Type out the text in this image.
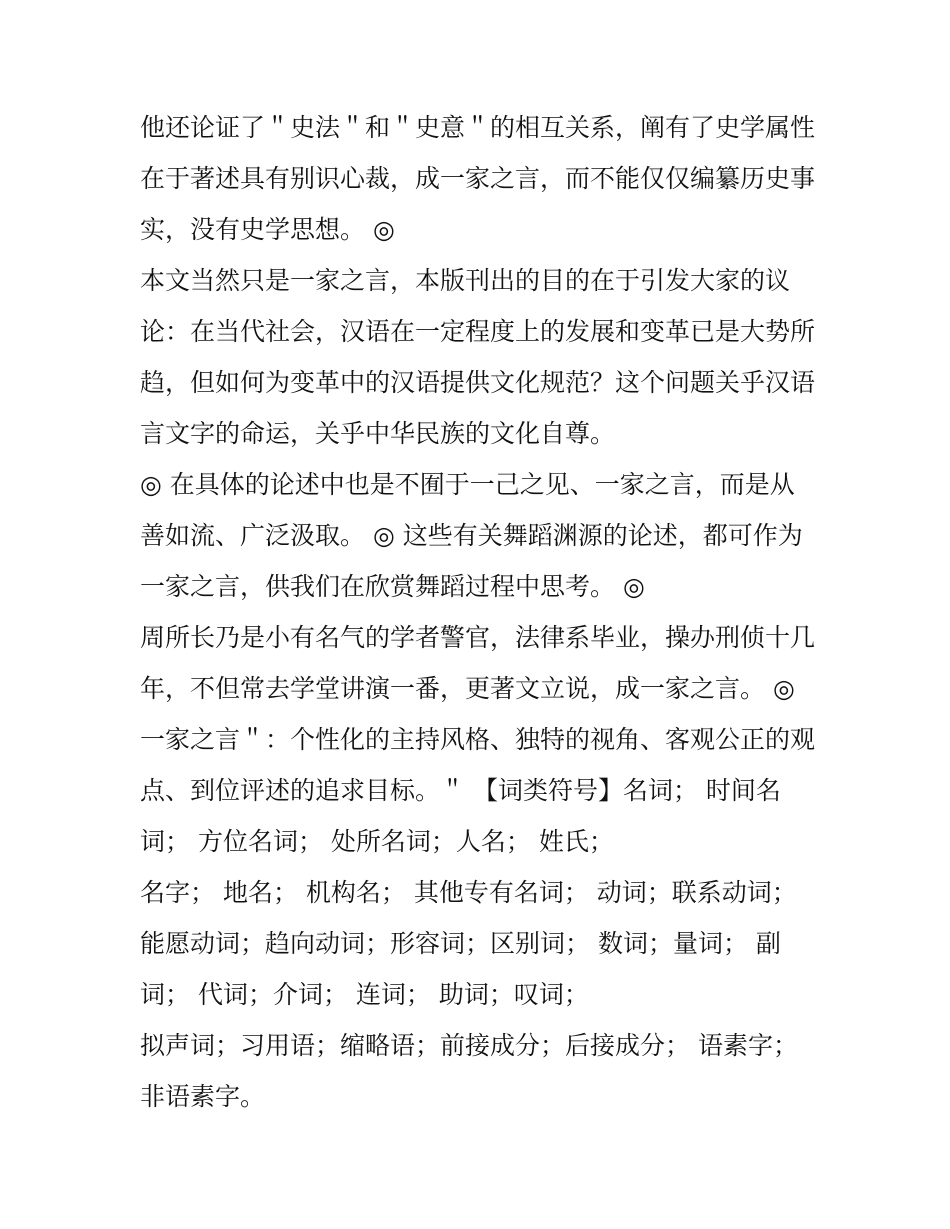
他还论证了＂史法＂和＂史意＂的相互关系，阐有了史学属性
在于著述具有别识心裁，成一家之言，而不能仅仅编纂历史事
实，没有史学思想。 ◎
本文当然只是一家之言，本版刊出的目的在于引发大家的议
论：在当代社会，汉语在一定程度上的发展和变革已是大势所
趋，但如何为变革中的汉语提供文化规范？这个问题关乎汉语
言文字的命运，关乎中华民族的文化自尊。
◎ 在具体的论述中也是不囿于一己之见、一家之言，而是从
善如流、广泛汲取。 ◎ 这些有关舞蹈渊源的论述，都可作为
一家之言，供我们在欣赏舞蹈过程中思考。 ◎
周所长乃是小有名气的学者警官，法律系毕业，操办刑侦十几
年，不但常去学堂讲演一番，更著文立说，成一家之言。 ◎
一家之言＂：个性化的主持风格、独特的视角、客观公正的观
点、到位评述的追求目标。＂ 【词类符号】名词； 时间名
词； 方位名词； 处所名词；人名； 姓氏；
名字； 地名； 机构名； 其他专有名词； 动词；联系动词；
能愿动词；趋向动词；形容词；区别词； 数词；量词； 副
词； 代词；介词； 连词； 助词；叹词；
拟声词；习用语；缩略语；前接成分；后接成分； 语素字；
非语素字。
